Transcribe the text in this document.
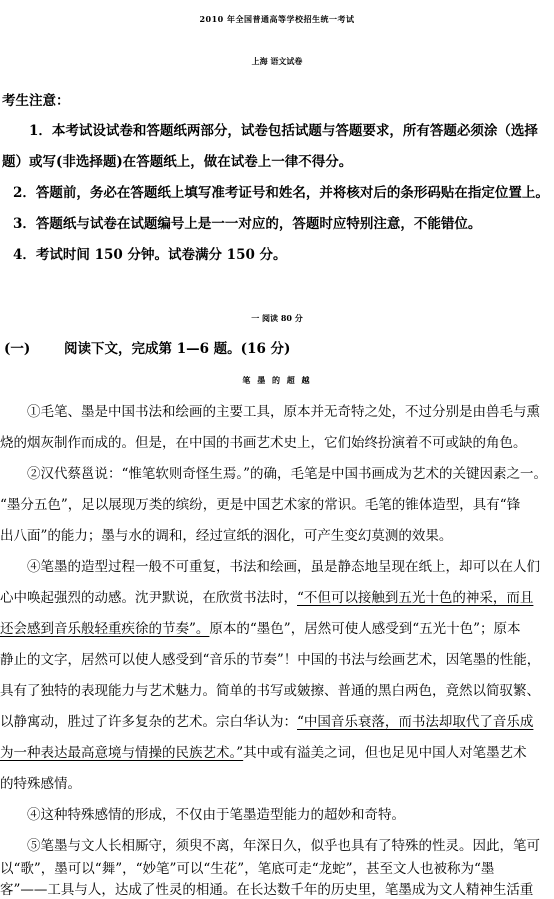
2010 年全国普通高等学校招生统一考试
上海 语文试卷
考生注意：
1．本考试设试卷和答题纸两部分，试卷包括试题与答题要求，所有答题必须涂（选择
题）或写(非选择题)在答题纸上，做在试卷上一律不得分。
2．答题前，务必在答题纸上填写准考证号和姓名，并将核对后的条形码贴在指定位置上。
3．答题纸与试卷在试题编号上是一一对应的，答题时应特别注意，不能错位。
4．考试时间 150 分钟。试卷满分 150 分。
一 阅读 80 分
(一) 阅读下文，完成第 1—6 题。(16 分)
笔 墨 的 超 越
①毛笔、墨是中国书法和绘画的主要工具，原本并无奇特之处，不过分别是由兽毛与熏
烧的烟灰制作而成的。但是，在中国的书画艺术史上，它们始终扮演着不可或缺的角色。
②汉代蔡邕说：“惟笔软则奇怪生焉。”的确，毛笔是中国书画成为艺术的关键因素之一。
“墨分五色”，足以展现万类的缤纷，更是中国艺术家的常识。毛笔的锥体造型，具有“锋
出八面”的能力；墨与水的调和，经过宣纸的洇化，可产生变幻莫测的效果。
④笔墨的造型过程一般不可重复，书法和绘画，虽是静态地呈现在纸上，却可以在人们
心中唤起强烈的动感。沈尹默说，在欣赏书法时，“不但可以接触到五光十色的神采，而且
还会感到音乐般轻重疾徐的节奏”。原本的“墨色”，居然可使人感受到“五光十色”；原本
静止的文字，居然可以使人感受到“音乐的节奏”！中国的书法与绘画艺术，因笔墨的性能，
具有了独特的表现能力与艺术魅力。简单的书写或皴擦、普通的黑白两色，竟然以简驭繁、
以静寓动，胜过了许多复杂的艺术。宗白华认为：“中国音乐衰落，而书法却取代了音乐成
为一种表达最高意境与情操的民族艺术。”其中或有溢美之词，但也足见中国人对笔墨艺术
的特殊感情。
④这种特殊感情的形成，不仅由于笔墨造型能力的超妙和奇特。
⑤笔墨与文人长相厮守，须臾不离，年深日久，似乎也具有了特殊的性灵。因此，笔可
以“歌”，墨可以“舞”，“妙笔”可以“生花”，笔底可走“龙蛇”，甚至文人也被称为“墨
客”——工具与人，达成了性灵的相通。在长达数千年的历史里，笔墨成为文人精神生活重
